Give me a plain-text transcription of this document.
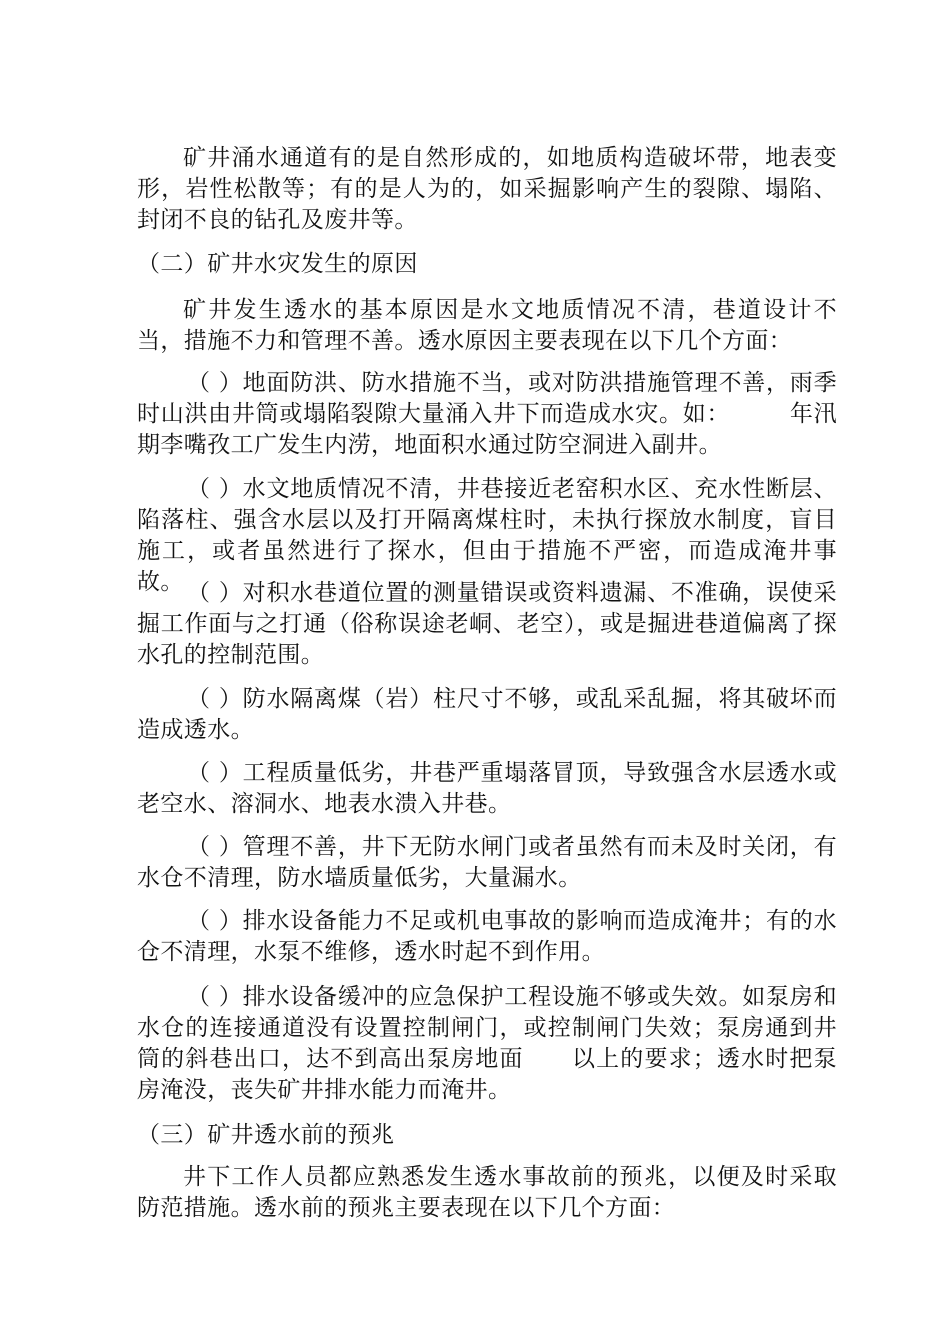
矿井涌水通道有的是自然形成的，如地质构造破坏带，地表变形，岩性松散等；有的是人为的，如采掘影响产生的裂隙、塌陷、封闭不良的钻孔及废井等。
（二）矿井水灾发生的原因
矿井发生透水的基本原因是水文地质情况不清，巷道设计不当，措施不力和管理不善。透水原因主要表现在以下几个方面：
（ ）地面防洪、防水措施不当，或对防洪措施管理不善，雨季时山洪由井筒或塌陷裂隙大量涌入井下而造成水灾。如：　　　年汛期李嘴孜工广发生内涝，地面积水通过防空洞进入副井。
（ ）水文地质情况不清，井巷接近老窑积水区、充水性断层、陷落柱、强含水层以及打开隔离煤柱时，未执行探放水制度，盲目施工，或者虽然进行了探水，但由于措施不严密，而造成淹井事故。 （ ）对积水巷道位置的测量错误或资料遗漏、不准确，误使采掘工作面与之打通（俗称误途老峒、老空），或是掘进巷道偏离了探水孔的控制范围。
（ ）防水隔离煤（岩）柱尺寸不够，或乱采乱掘，将其破坏而造成透水。
（ ）工程质量低劣，井巷严重塌落冒顶，导致强含水层透水或老空水、溶洞水、地表水溃入井巷。
（ ）管理不善，井下无防水闸门或者虽然有而未及时关闭，有水仓不清理，防水墙质量低劣，大量漏水。
（ ）排水设备能力不足或机电事故的影响而造成淹井；有的水仓不清理，水泵不维修，透水时起不到作用。
（ ）排水设备缓冲的应急保护工程设施不够或失效。如泵房和水仓的连接通道没有设置控制闸门，或控制闸门失效；泵房通到井筒的斜巷出口，达不到高出泵房地面　　以上的要求；透水时把泵房淹没，丧失矿井排水能力而淹井。
（三）矿井透水前的预兆
井下工作人员都应熟悉发生透水事故前的预兆，以便及时采取防范措施。透水前的预兆主要表现在以下几个方面：
